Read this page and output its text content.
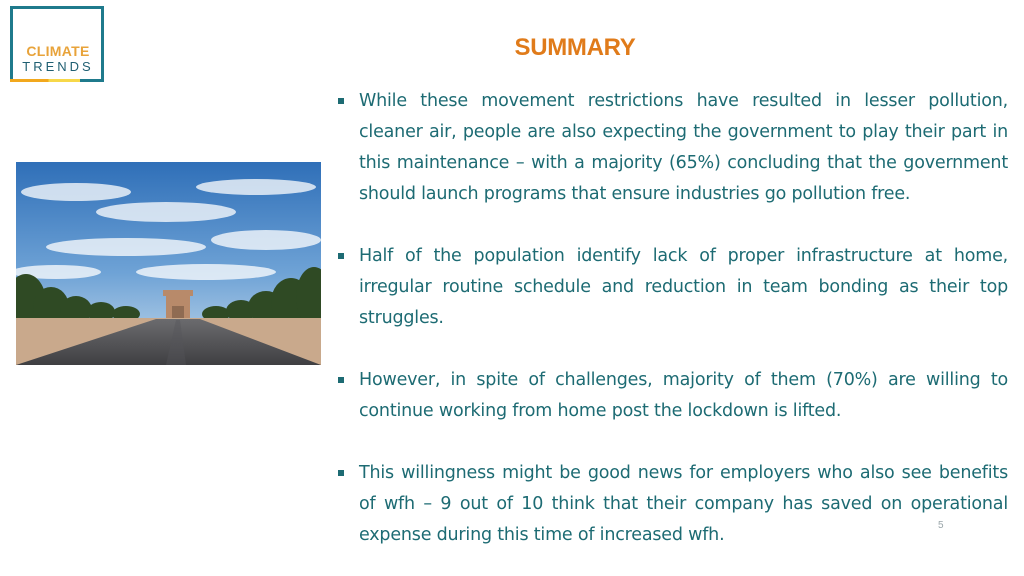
CLIMATE
TRENDS
SUMMARY
While these movement restrictions have resulted in lesser pollution, cleaner air, people are also expecting the government to play their part in this maintenance – with a majority (65%) concluding that the government should launch programs that ensure industries go pollution free.
Half of the population identify lack of proper infrastructure at home, irregular routine schedule and reduction in team bonding as their top struggles.
However, in spite of challenges, majority of them (70%) are willing to continue working from home post the lockdown is lifted.
This willingness might be good news for employers who also see benefits of wfh – 9 out of 10 think that their company has saved on operational expense during this time of increased wfh.	5
